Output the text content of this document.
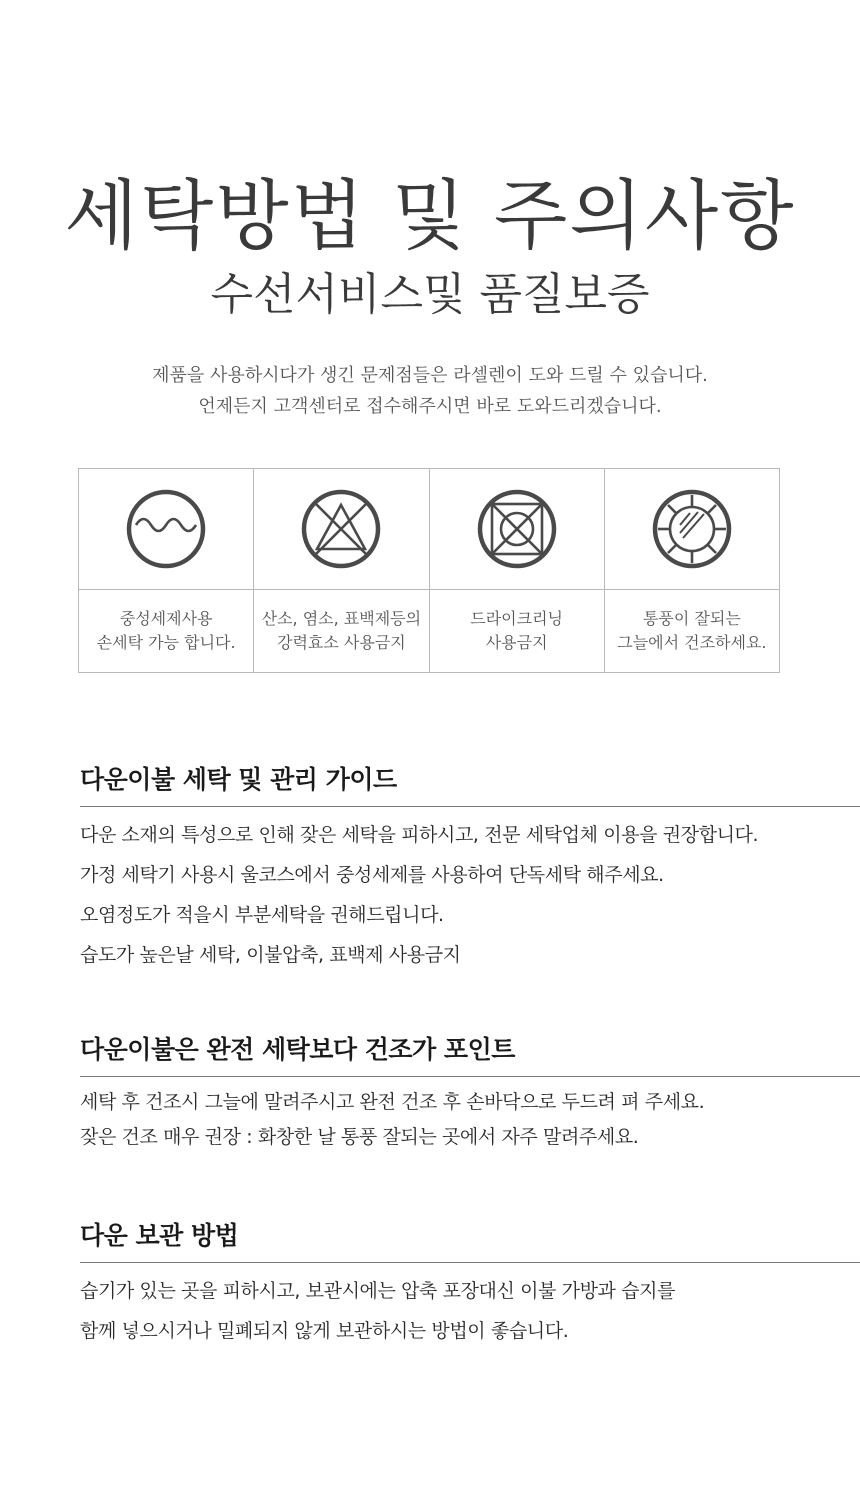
세탁방법 및 주의사항
수선서비스및 품질보증
제품을 사용하시다가 생긴 문제점들은 라셀렌이 도와 드릴 수 있습니다.
언제든지 고객센터로 접수해주시면 바로 도와드리겠습니다.
중성세제사용
손세탁 가능 합니다.
산소, 염소, 표백제등의
강력효소 사용금지
드라이크리닝
사용금지
통풍이 잘되는
그늘에서 건조하세요.
다운이불 세탁 및 관리 가이드
다운 소재의 특성으로 인해 잦은 세탁을 피하시고, 전문 세탁업체 이용을 권장합니다.
가정 세탁기 사용시 울코스에서 중성세제를 사용하여 단독세탁 해주세요.
오염정도가 적을시 부분세탁을 권해드립니다.
습도가 높은날 세탁, 이불압축, 표백제 사용금지
다운이불은 완전 세탁보다 건조가 포인트
세탁 후 건조시 그늘에 말려주시고 완전 건조 후 손바닥으로 두드려 펴 주세요.
잦은 건조 매우 권장 : 화창한 날 통풍 잘되는 곳에서 자주 말려주세요.
다운 보관 방법
습기가 있는 곳을 피하시고, 보관시에는 압축 포장대신 이불 가방과 습지를
함께 넣으시거나 밀폐되지 않게 보관하시는 방법이 좋습니다.
